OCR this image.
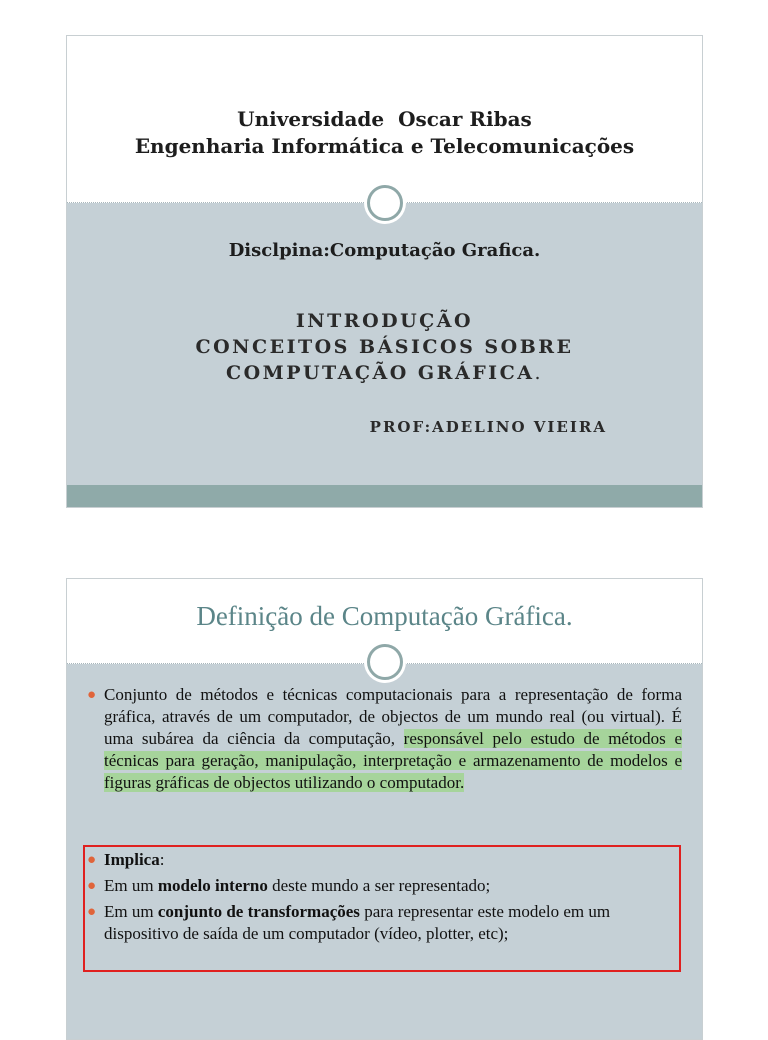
Universidade  Oscar Ribas
Engenharia Informática e Telecomunicações
Disclpina:Computação Grafica.
INTRODUÇÃO
CONCEITOS BÁSICOS SOBRE
COMPUTAÇÃO GRÁFICA.
PROF:ADELINO VIEIRA
Definição de Computação Gráfica.
● Conjunto de métodos e técnicas computacionais para a representação de forma gráfica, através de um computador, de objectos de um mundo real (ou virtual). É uma subárea da ciência da computação, responsável pelo estudo de métodos e técnicas para geração, manipulação, interpretação e armazenamento de modelos e figuras gráficas de objectos utilizando o computador.
● Implica:
● Em um modelo interno deste mundo a ser representado;
● Em um conjunto de transformações para representar este modelo em um dispositivo de saída de um computador (vídeo, plotter, etc);
